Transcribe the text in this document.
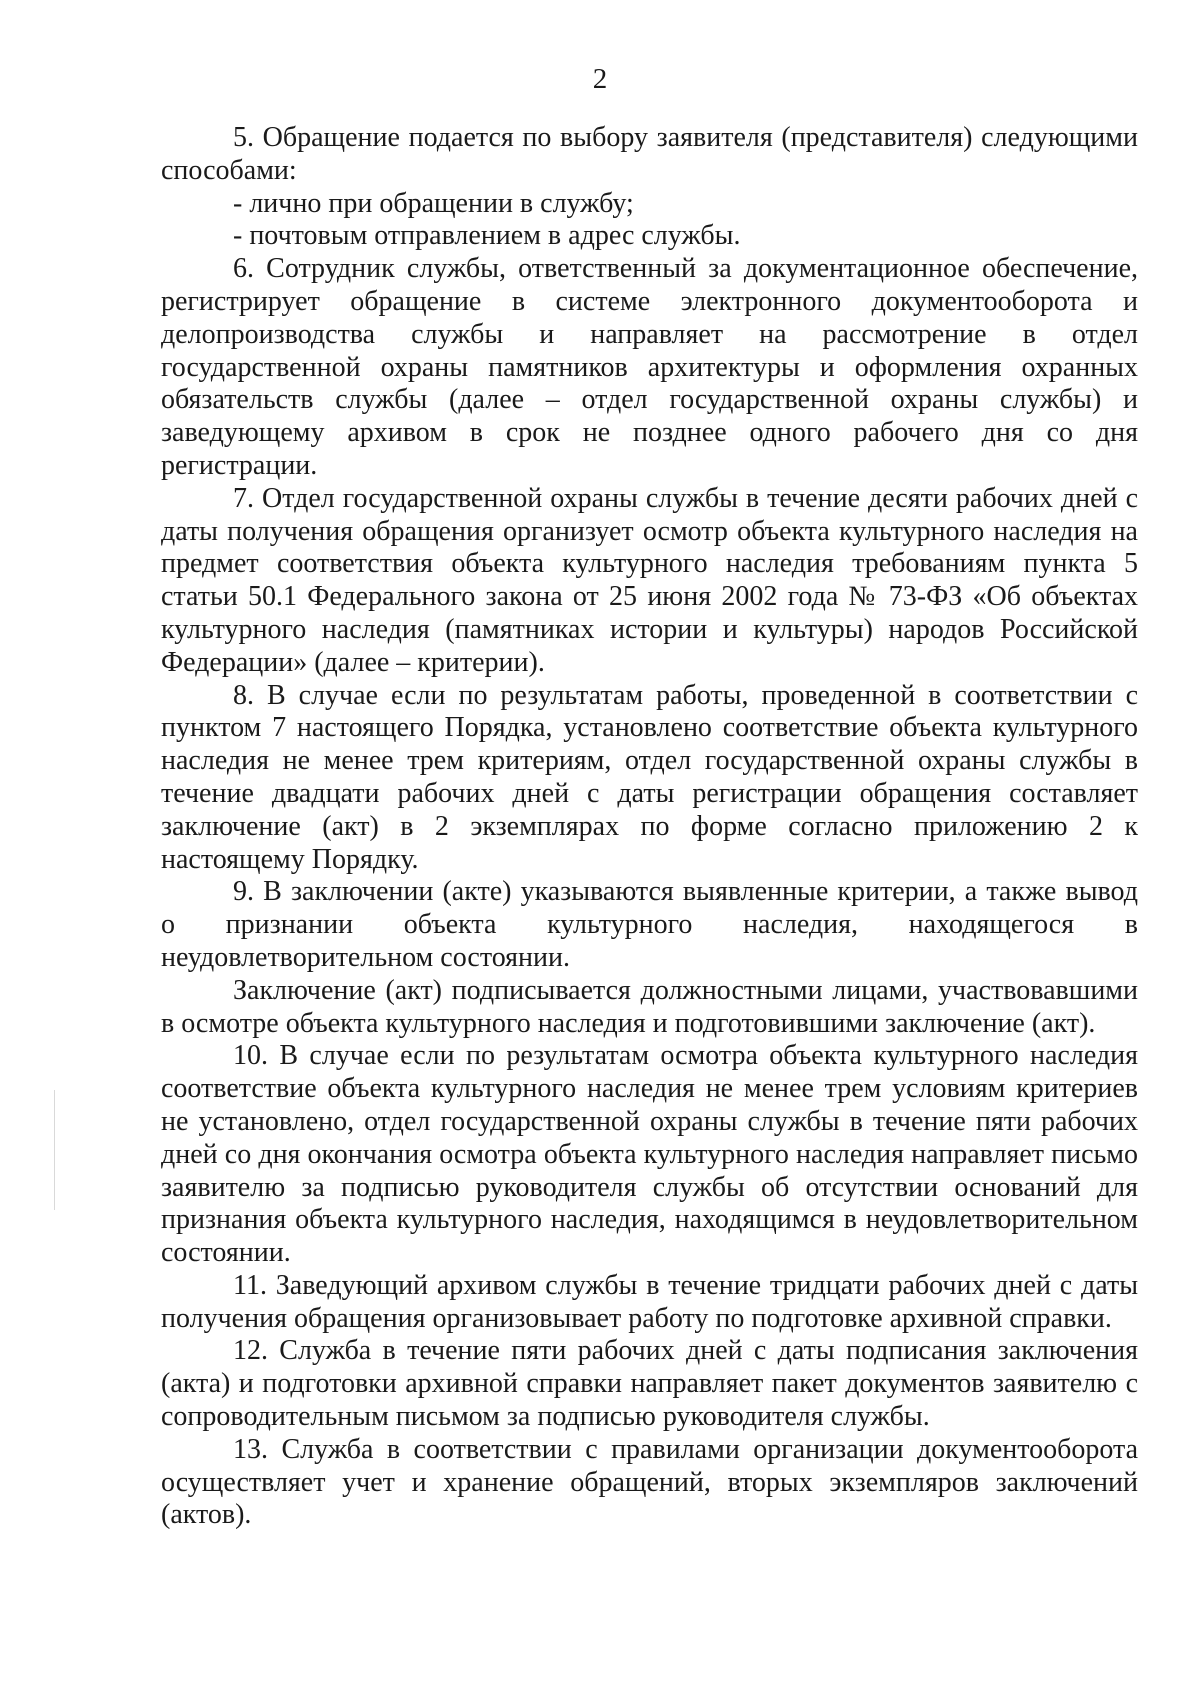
2

5. Обращение подается по выбору заявителя (представителя) следующими способами:

- лично при обращении в службу;

- почтовым отправлением в адрес службы.

6. Сотрудник службы, ответственный за документационное обеспечение, регистрирует обращение в системе электронного документооборота и делопроизводства службы и направляет на рассмотрение в отдел государственной охраны памятников архитектуры и оформления охранных обязательств службы (далее – отдел государственной охраны службы) и заведующему архивом в срок не позднее одного рабочего дня со дня регистрации.

7. Отдел государственной охраны службы в течение десяти рабочих дней с даты получения обращения организует осмотр объекта культурного наследия на предмет соответствия объекта культурного наследия требованиям пункта 5 статьи 50.1 Федерального закона от 25 июня 2002 года № 73-ФЗ «Об объектах культурного наследия (памятниках истории и культуры) народов Российской Федерации» (далее – критерии).

8. В случае если по результатам работы, проведенной в соответствии с пунктом 7 настоящего Порядка, установлено соответствие объекта культурного наследия не менее трем критериям, отдел государственной охраны службы в течение двадцати рабочих дней с даты регистрации обращения составляет заключение (акт) в 2 экземплярах по форме согласно приложению 2 к настоящему Порядку.

9. В заключении (акте) указываются выявленные критерии, а также вывод о признании объекта культурного наследия, находящегося в неудовлетворительном состоянии.

Заключение (акт) подписывается должностными лицами, участвовавшими в осмотре объекта культурного наследия и подготовившими заключение (акт).

10. В случае если по результатам осмотра объекта культурного наследия соответствие объекта культурного наследия не менее трем условиям критериев не установлено, отдел государственной охраны службы в течение пяти рабочих дней со дня окончания осмотра объекта культурного наследия направляет письмо заявителю за подписью руководителя службы об отсутствии оснований для признания объекта культурного наследия, находящимся в неудовлетворительном состоянии.

11. Заведующий архивом службы в течение тридцати рабочих дней с даты получения обращения организовывает работу по подготовке архивной справки.

12. Служба в течение пяти рабочих дней с даты подписания заключения (акта) и подготовки архивной справки направляет пакет документов заявителю с сопроводительным письмом за подписью руководителя службы.

13. Служба в соответствии с правилами организации документооборота осуществляет учет и хранение обращений, вторых экземпляров заключений (актов).
